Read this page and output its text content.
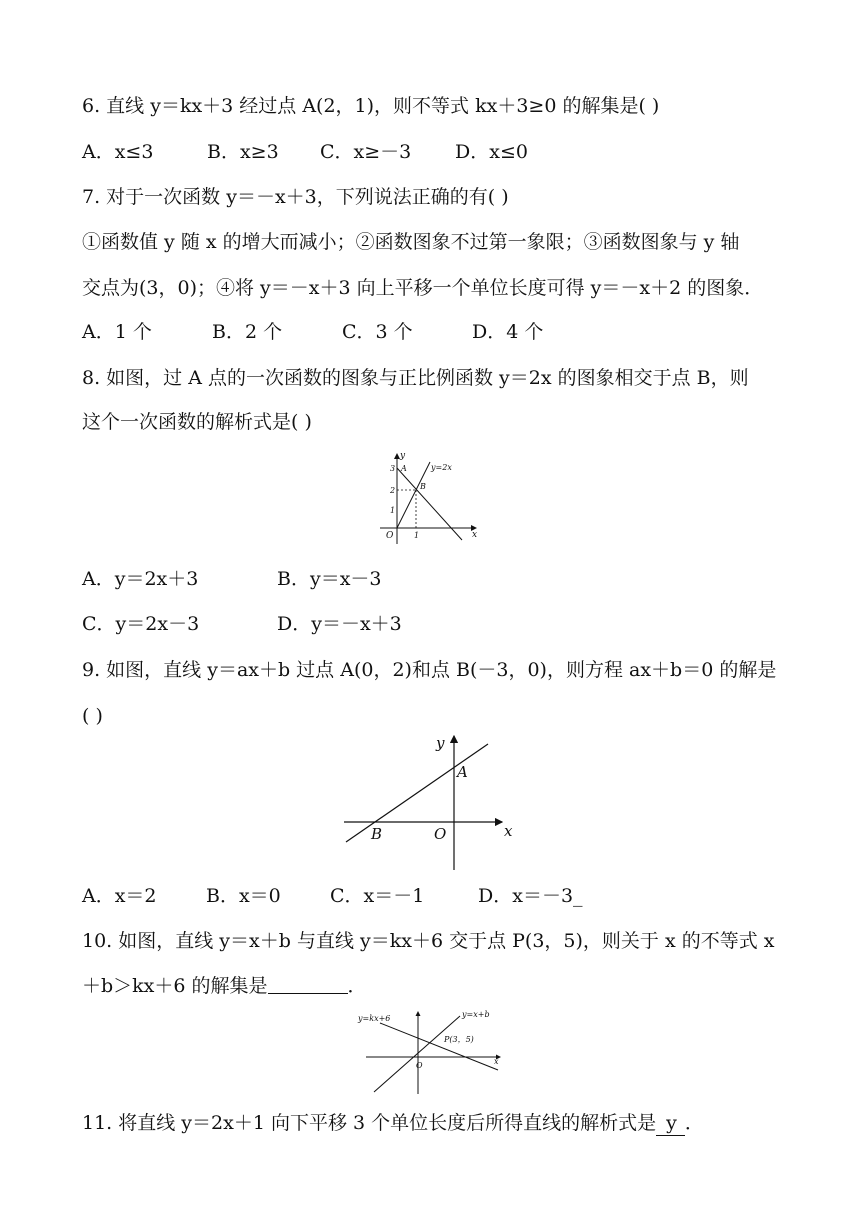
6. 直线 y＝kx＋3 经过点 A(2，1)，则不等式 kx＋3≥0 的解集是( )
A．x≤3	B．x≥3 C．x≥－3 D．x≤0
7. 对于一次函数 y＝－x＋3，下列说法正确的有( )
①函数值 y 随 x 的增大而减小；②函数图象不过第一象限；③函数图象与 y 轴
交点为(3，0)；④将 y＝－x＋3 向上平移一个单位长度可得 y＝－x＋2 的图象．
A．1 个	B．2 个	C．3 个	D．4 个
8. 如图，过 A 点的一次函数的图象与正比例函数 y＝2x 的图象相交于点 B，则
这个一次函数的解析式是( )
y
x
O
y=2x
A
B
3
2
1
1
A．y＝2x＋3	B．y＝x－3
C．y＝2x－3	D．y＝－x＋3
9. 如图，直线 y＝ax＋b 过点 A(0，2)和点 B(－3，0)，则方程 ax＋b＝0 的解是
( )
y
x
O
A
B
A．x＝2	B．x＝0	C．x＝－1	D．x＝－3_
10. 如图，直线 y＝x＋b 与直线 y＝kx＋6 交于点 P(3，5)，则关于 x 的不等式 x
＋b＞kx＋6 的解集是	．
y=kx+6	y=x+b
P(3，5)
O	x
11. 将直线 y＝2x＋1 向下平移 3 个单位长度后所得直线的解析式是 y ．
